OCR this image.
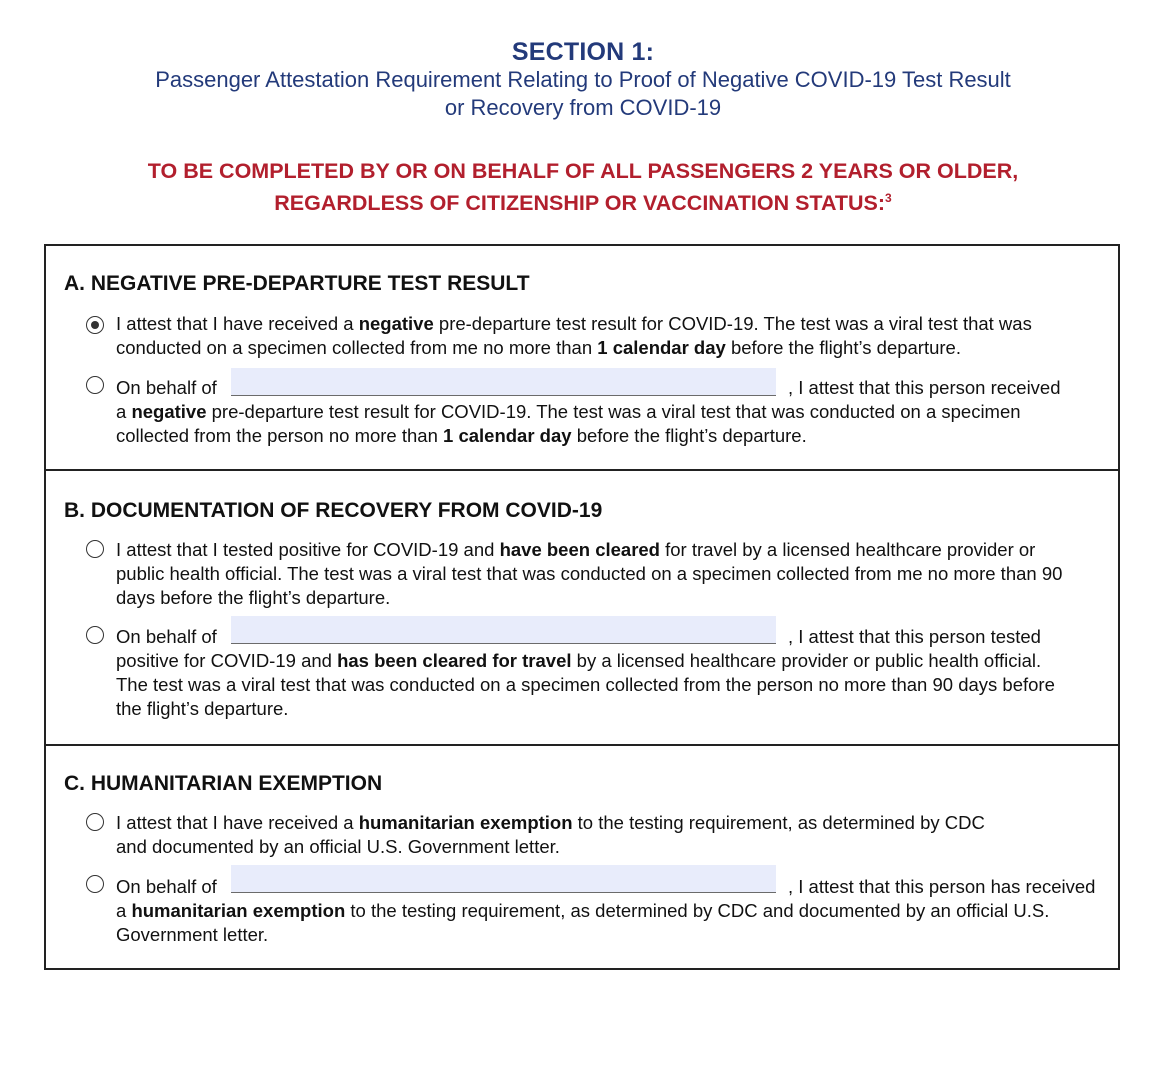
SECTION 1:
Passenger Attestation Requirement Relating to Proof of Negative COVID-19 Test Result
or Recovery from COVID-19
TO BE COMPLETED BY OR ON BEHALF OF ALL PASSENGERS 2 YEARS OR OLDER,
REGARDLESS OF CITIZENSHIP OR VACCINATION STATUS:$^3$
A. NEGATIVE PRE-DEPARTURE TEST RESULT
I attest that I have received a negative pre-departure test result for COVID-19. The test was a viral test that was
conducted on a specimen collected from me no more than 1 calendar day before the flight’s departure.
On behalf of	, I attest that this person received
a negative pre-departure test result for COVID-19. The test was a viral test that was conducted on a specimen
collected from the person no more than 1 calendar day before the flight’s departure.
B. DOCUMENTATION OF RECOVERY FROM COVID-19
I attest that I tested positive for COVID-19 and have been cleared for travel by a licensed healthcare provider or
public health official. The test was a viral test that was conducted on a specimen collected from me no more than 90
days before the flight’s departure.
On behalf of	, I attest that this person tested
positive for COVID-19 and has been cleared for travel by a licensed healthcare provider or public health official.
The test was a viral test that was conducted on a specimen collected from the person no more than 90 days before
the flight’s departure.
C. HUMANITARIAN EXEMPTION
I attest that I have received a humanitarian exemption to the testing requirement, as determined by CDC
and documented by an official U.S. Government letter.
On behalf of	, I attest that this person has received
a humanitarian exemption to the testing requirement, as determined by CDC and documented by an official U.S.
Government letter.
